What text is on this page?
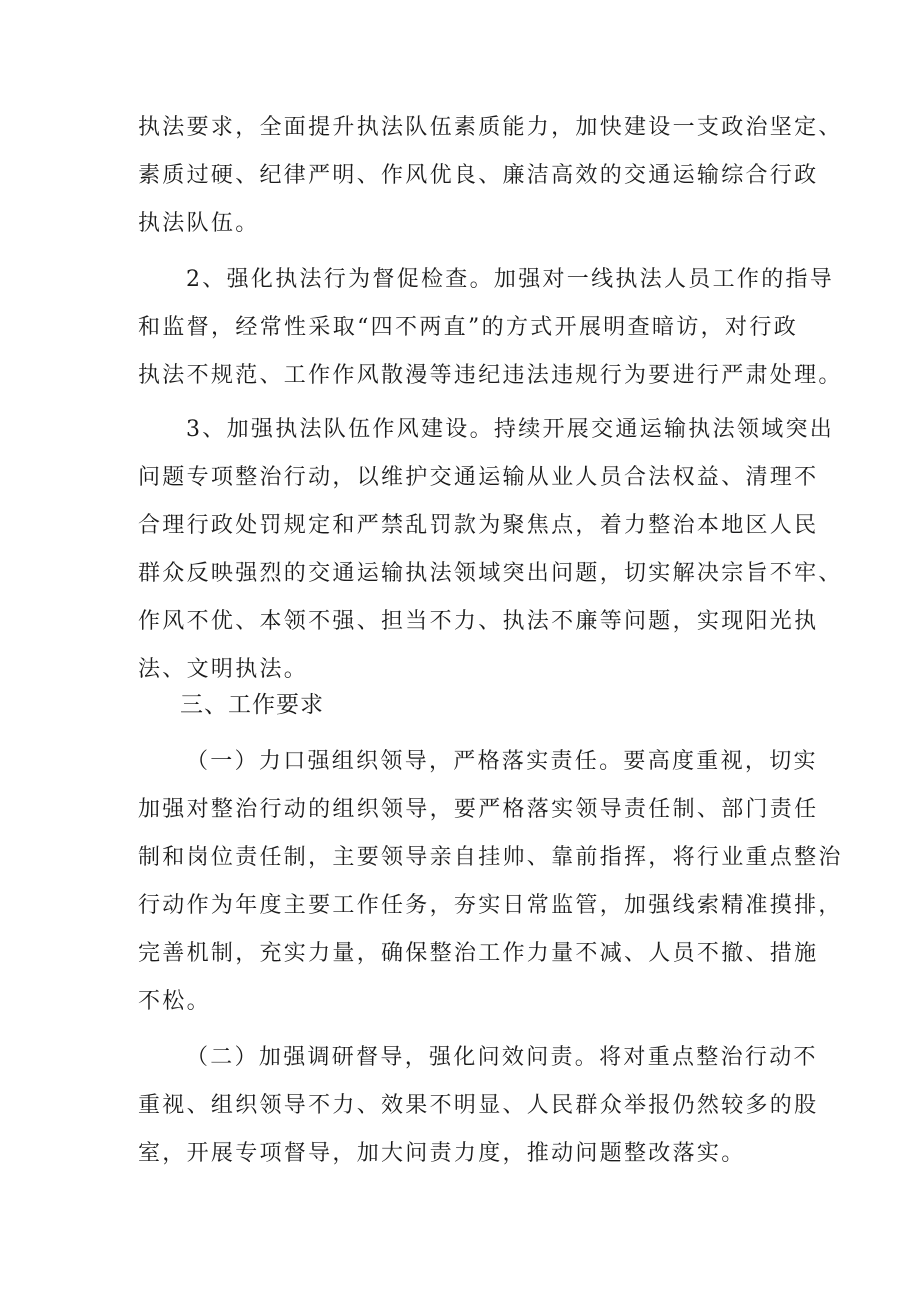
执法要求，全面提升执法队伍素质能力，加快建设一支政治坚定、
素质过硬、纪律严明、作风优良、廉洁高效的交通运输综合行政
执法队伍。
2、强化执法行为督促检查。加强对一线执法人员工作的指导
和监督，经常性采取“四不两直”的方式开展明查暗访，对行政
执法不规范、工作作风散漫等违纪违法违规行为要进行严肃处理。
3、加强执法队伍作风建设。持续开展交通运输执法领域突出
问题专项整治行动，以维护交通运输从业人员合法权益、清理不
合理行政处罚规定和严禁乱罚款为聚焦点，着力整治本地区人民
群众反映强烈的交通运输执法领域突出问题，切实解决宗旨不牢、
作风不优、本领不强、担当不力、执法不廉等问题，实现阳光执
法、文明执法。
三、工作要求
（一）力口强组织领导，严格落实责任。要高度重视，切实
加强对整治行动的组织领导，要严格落实领导责任制、部门责任
制和岗位责任制，主要领导亲自挂帅、靠前指挥，将行业重点整治
行动作为年度主要工作任务，夯实日常监管，加强线索精准摸排，
完善机制，充实力量，确保整治工作力量不减、人员不撤、措施
不松。
（二）加强调研督导，强化问效问责。将对重点整治行动不
重视、组织领导不力、效果不明显、人民群众举报仍然较多的股
室，开展专项督导，加大问责力度，推动问题整改落实。
